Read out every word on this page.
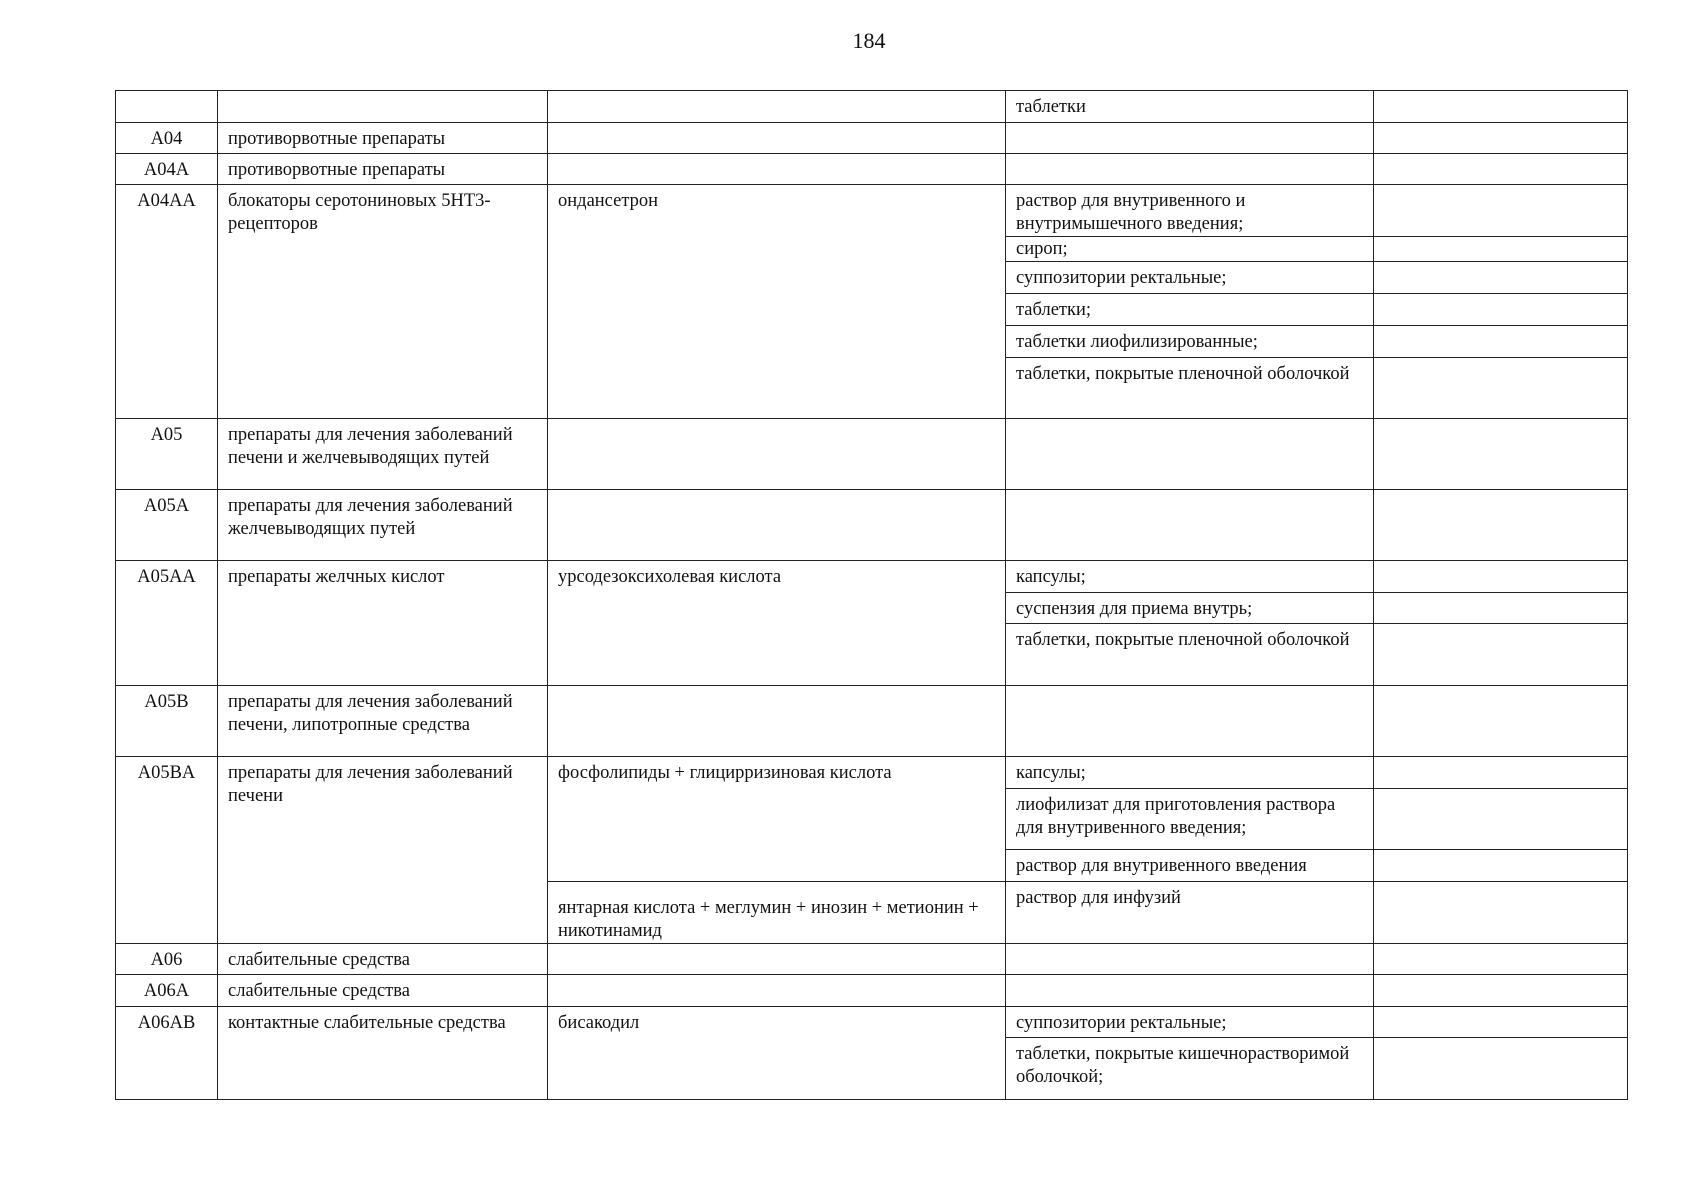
184
			таблетки	
A04	противорвотные препараты			
A04A	противорвотные препараты			
A04AA	блокаторы серотониновых 5HT3-рецепторов	ондансетрон	раствор для внутривенного и внутримышечного введения;	
			сироп;	
			суппозитории ректальные;	
			таблетки;	
			таблетки лиофилизированные;	
			таблетки, покрытые пленочной оболочкой	
A05	препараты для лечения заболеваний печени и желчевыводящих путей			
A05A	препараты для лечения заболеваний желчевыводящих путей			
A05AA	препараты желчных кислот	урсодезоксихолевая кислота	капсулы;	
			суспензия для приема внутрь;	
			таблетки, покрытые пленочной оболочкой	
A05B	препараты для лечения заболеваний печени, липотропные средства			
A05BA	препараты для лечения заболеваний печени	фосфолипиды + глицирризиновая кислота	капсулы;	
			лиофилизат для приготовления раствора для внутривенного введения;	
			раствор для внутривенного введения	
		янтарная кислота + меглумин + инозин + метионин + никотинамид	раствор для инфузий	
A06	слабительные средства			
A06A	слабительные средства			
A06AB	контактные слабительные средства	бисакодил	суппозитории ректальные;	
			таблетки, покрытые кишечнорастворимой оболочкой;	
